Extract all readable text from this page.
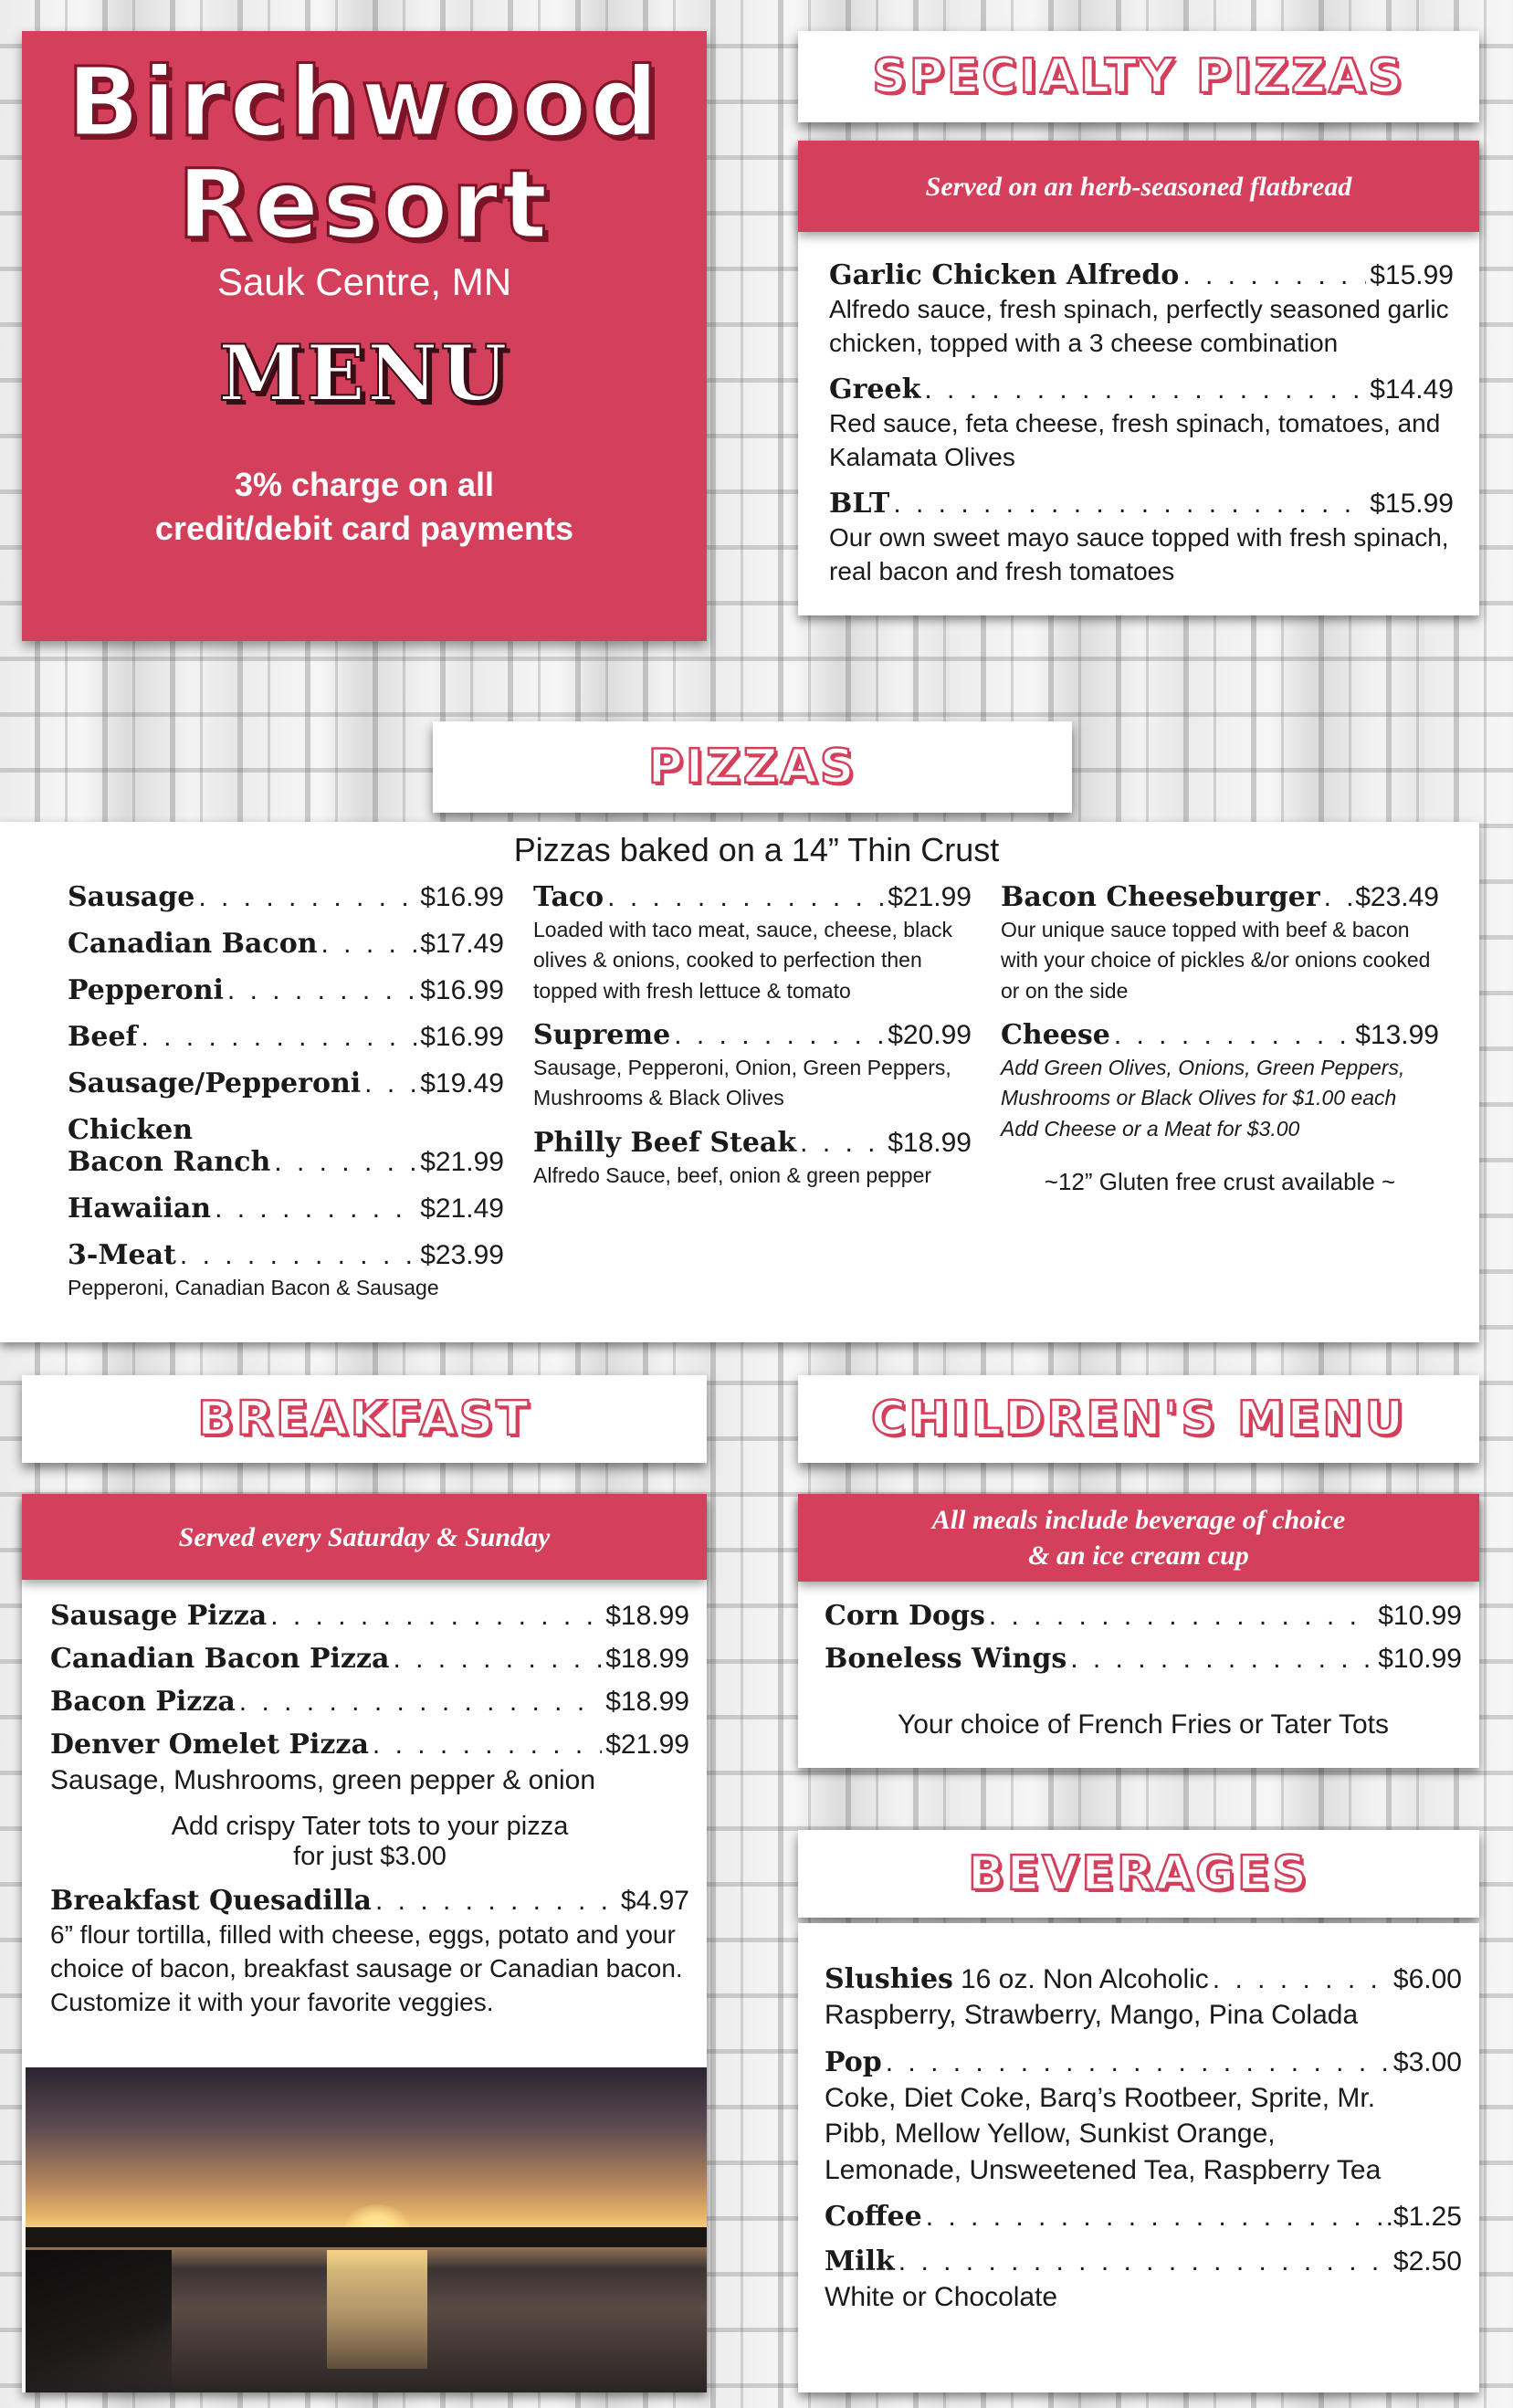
Birchwood
Resort
Sauk Centre, MN
MENU
3% charge on all
credit/debit card payments
SPECIALTY PIZZAS
Served on an herb-seasoned flatbread
Garlic Chicken Alfredo . . .	$15.99
Alfredo sauce, fresh spinach, perfectly seasoned garlic chicken, topped with a 3 cheese combination
Greek . . .	$14.49
Red sauce, feta cheese, fresh spinach, tomatoes, and Kalamata Olives
BLT . . .	$15.99
Our own sweet mayo sauce topped with fresh spinach, real bacon and fresh tomatoes
PIZZAS
Pizzas baked on a 14” Thin Crust
Sausage . . .	$16.99
Canadian Bacon . . .	$17.49
Pepperoni . . .	$16.99
Beef . . .	$16.99
Sausage/Pepperoni . . . $19.49
Chicken
Bacon Ranch . . .	$21.99
Hawaiian . . .	$21.49
3-Meat . . .	$23.99
Pepperoni, Canadian Bacon & Sausage
Taco . . .	$21.99
Loaded with taco meat, sauce, cheese, black olives & onions, cooked to perfection then topped with fresh lettuce & tomato
Supreme . . .	$20.99
Sausage, Pepperoni, Onion, Green Peppers, Mushrooms & Black Olives
Philly Beef Steak . . .	$18.99
Alfredo Sauce, beef, onion & green pepper
Bacon Cheeseburger . . . $23.49
Our unique sauce topped with beef & bacon with your choice of pickles &/or onions cooked or on the side
Cheese . . .	$13.99
Add Green Olives, Onions, Green Peppers, Mushrooms or Black Olives for $1.00 each     Add Cheese or a Meat for $3.00
~12” Gluten free crust available ~
BREAKFAST
Served every Saturday & Sunday
Sausage Pizza . . .	$18.99
Canadian Bacon Pizza . . .	$18.99
Bacon Pizza . . .	$18.99
Denver Omelet Pizza . . .	$21.99
Sausage, Mushrooms, green pepper & onion
Add crispy Tater tots to your pizza
for just $3.00
Breakfast Quesadilla . . .	$4.97
6” flour tortilla, filled with cheese, eggs, potato and your choice of bacon, breakfast sausage or Canadian bacon. Customize it with your favorite veggies.
CHILDREN'S MENU
All meals include beverage of choice
& an ice cream cup
Corn Dogs . . .	$10.99
Boneless Wings . . .	$10.99
Your choice of French Fries or Tater Tots
BEVERAGES
Slushies 16 oz. Non Alcoholic . . .	$6.00
Raspberry, Strawberry, Mango, Pina Colada
Pop . . .	$3.00
Coke, Diet Coke, Barq’s Rootbeer, Sprite, Mr. Pibb, Mellow Yellow, Sunkist Orange, Lemonade, Unsweetened Tea, Raspberry Tea
Coffee . . .	.$1.25
Milk . . .	$2.50
White or Chocolate
